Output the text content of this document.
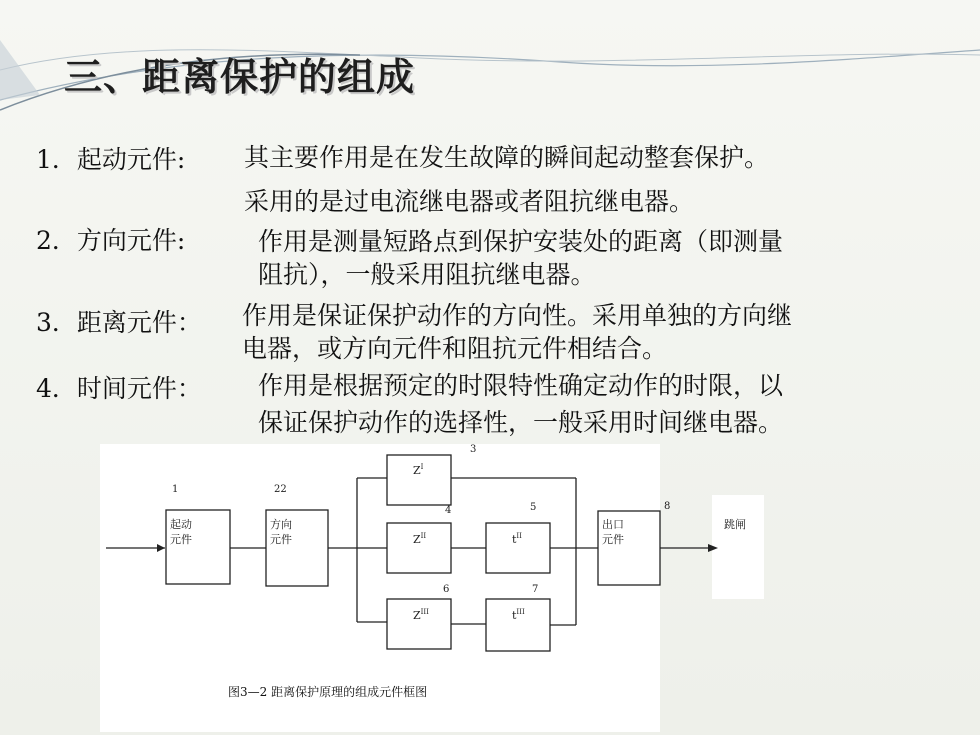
三、距离保护的组成
1．起动元件: 其主要作用是在发生故障的瞬间起动整套保护。
采用的是过电流继电器或者阻抗继电器。
2．方向元件:	作用是测量短路点到保护安装处的距离（即测量
阻抗），一般采用阻抗继电器。
3．距离元件： 作用是保证保护动作的方向性。采用单独的方向继
电器，或方向元件和阻抗元件相结合。
4．时间元件： 作用是根据预定的时限特性确定动作的时限，以
保证保护动作的选择性，一般采用时间继电器。
1	22
3
4	5
6	7
8
起动
元件
方向
元件
出口
元件
跳闸
$Z^I$
$Z^{II}$
$Z^{III}$
$t^{II}$
$t^{III}$
图3—2 距离保护原理的组成元件框图
